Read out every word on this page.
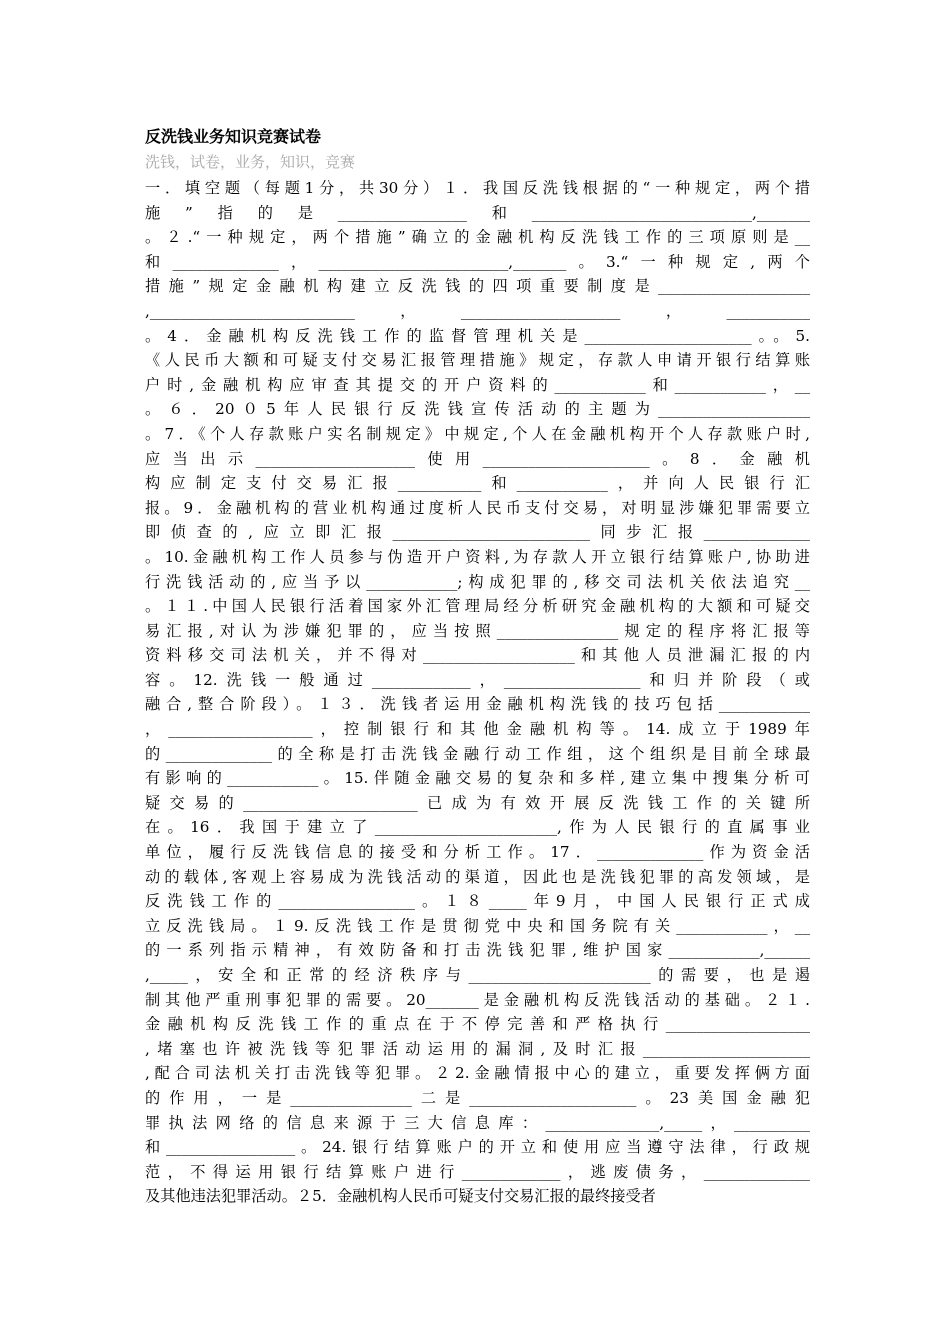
反洗钱业务知识竞赛试卷
洗钱，试卷，业务，知识，竞赛
一．填空题（每题1分，共30分）１．我国反洗钱根据的“一种规定，两个措
施”指的是_________________和_____________________________,_______
。２.“一种规定，两个措施”确立的金融机构反洗钱工作的三项原则是__
和______________，_________________________,_______。3.“一种规定,两个
措施”规定金融机构建立反洗钱的四项重要制度是____________________
,___________________________，_____________________，___________
。4．金融机构反洗钱工作的监督管理机关是______________________。。5.
《人民币大额和可疑支付交易汇报管理措施》规定，存款人申请开银行结算账
户时,金融机构应审查其提交的开户资料的____________和____________，__
。６．20０5年人民银行反洗钱宣传活动的主题为____________________
。7．《个人存款账户实名制规定》中规定,个人在金融机构开个人存款账户时,
应当出示_____________________使用______________________。8．金融机
构应制定支付交易汇报___________和____________，并向人民银行汇
报。9．金融机构的营业机构通过度析人民币支付交易，对明显涉嫌犯罪需要立
即侦查的,应立即汇报__________________________同步汇报______________
。10.金融机构工作人员参与伪造开户资料,为存款人开立银行结算账户,协助进
行洗钱活动的,应当予以____________;构成犯罪的,移交司法机关依法追究__
。１１.中国人民银行活着国家外汇管理局经分析研究金融机构的大额和可疑交
易汇报,对认为涉嫌犯罪的，应当按照________________规定的程序将汇报等
资料移交司法机关，并不得对____________________和其他人员泄漏汇报的内
容。12.洗钱一般通过_____________，__________________和归并阶段（或
融合,整合阶段）。１３．洗钱者运用金融机构洗钱的技巧包括____________
，___________________，控制银行和其他金融机构等。14.成立于1989年
的______________的全称是打击洗钱金融行动工作组，这个组织是目前全球最
有影响的____________。15.伴随金融交易的复杂和多样,建立集中搜集分析可
疑交易的_______________________已成为有效开展反洗钱工作的关键所
在。16．我国于建立了________________________,作为人民银行的直属事业
单位，履行反洗钱信息的接受和分析工作。17．______________作为资金活
动的载体,客观上容易成为洗钱活动的渠道，因此也是洗钱犯罪的高发领域，是
反洗钱工作的__________________。１８_____年9月，中国人民银行正式成
立反洗钱局。１9.反洗钱工作是贯彻党中央和国务院有关____________，__
的一系列指示精神，有效防备和打击洗钱犯罪,维护国家____________,______
,_____，安全和正常的经济秩序与________________________的需要，也是遏
制其他严重刑事犯罪的需要。20_______是金融机构反洗钱活动的基础。２１.
金融机构反洗钱工作的重点在于不停完善和严格执行___________________
,堵塞也许被洗钱等犯罪活动运用的漏洞,及时汇报______________________
,配合司法机关打击洗钱等犯罪。２2.金融情报中心的建立，重要发挥俩方面
的作用，一是________________二是______________________。23美国金融犯
罪执法网络的信息来源于三大信息库：_______________,_____，__________
和_________________。24.银行结算账户的开立和使用应当遵守法律，行政规
范，不得运用银行结算账户进行_____________，逃废债务，______________
及其他违法犯罪活动。２5．金融机构人民币可疑支付交易汇报的最终接受者
